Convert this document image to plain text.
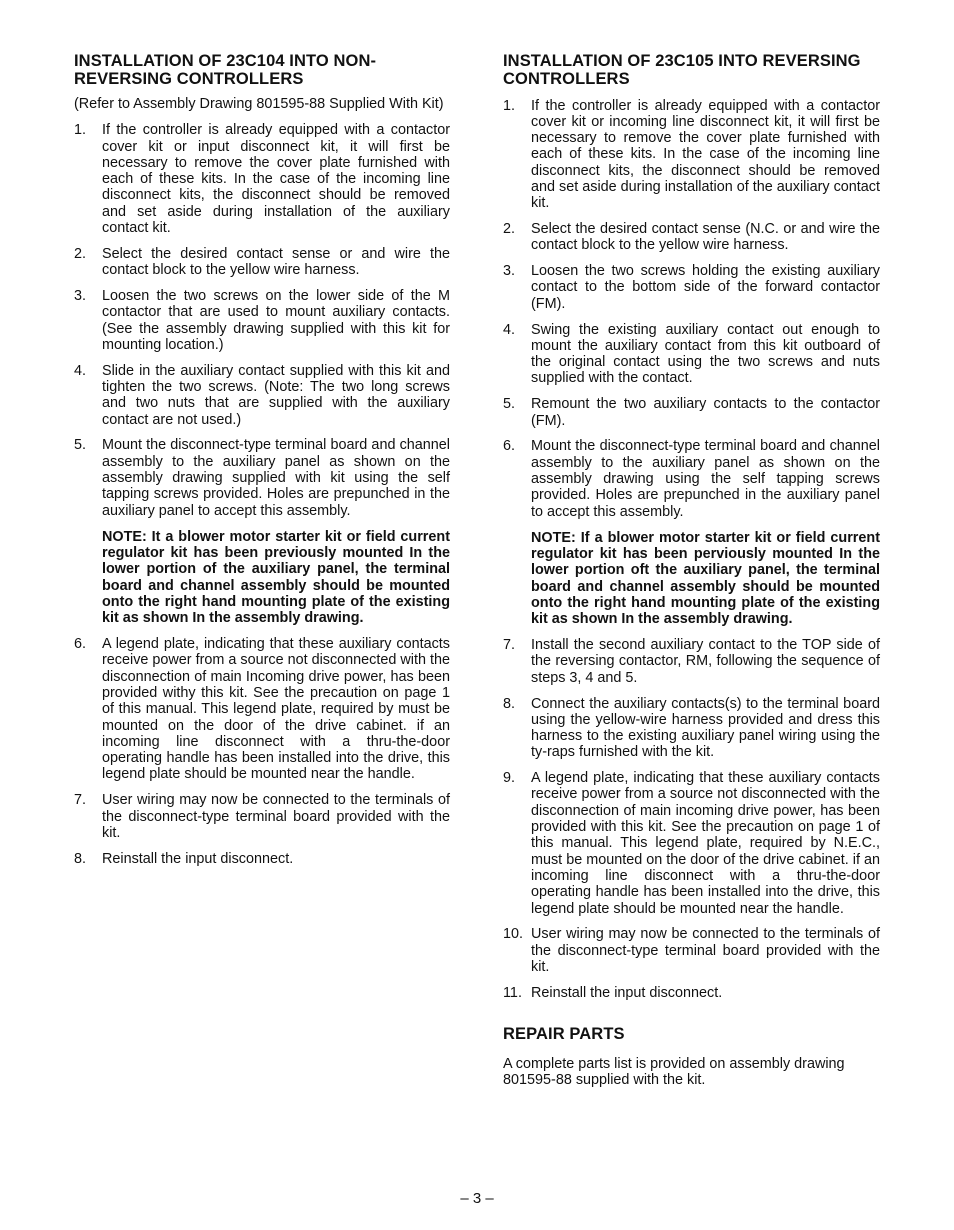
INSTALLATION OF 23C104 INTO NON-REVERSING CONTROLLERS

(Refer to Assembly Drawing 801595-88 Supplied With Kit)

1. If the controller is already equipped with a contactor cover kit or input disconnect kit, it will first be necessary to remove the cover plate furnished with each of these kits. In the case of the incoming line disconnect kits, the disconnect should be removed and set aside during installation of the auxiliary contact kit.

2. Select the desired contact sense or and wire the contact block to the yellow wire harness.

3. Loosen the two screws on the lower side of the M contactor that are used to mount auxiliary contacts. (See the assembly drawing supplied with this kit for mounting location.)

4. Slide in the auxiliary contact supplied with this kit and tighten the two screws. (Note: The two long screws and two nuts that are supplied with the auxiliary contact are not used.)

5. Mount the disconnect-type terminal board and channel assembly to the auxiliary panel as shown on the assembly drawing supplied with kit using the self tapping screws provided. Holes are prepunched in the auxiliary panel to accept this assembly.

NOTE: It a blower motor starter kit or field current regulator kit has been previously mounted In the lower portion of the auxiliary panel, the terminal board and channel assembly should be mounted onto the right hand mounting plate of the existing kit as shown In the assembly drawing.

6. A legend plate, indicating that these auxiliary contacts receive power from a source not disconnected with the disconnection of main Incoming drive power, has been provided withy this kit. See the precaution on page 1 of this manual. This legend plate, required by must be mounted on the door of the drive cabinet. if an incoming line disconnect with a thru-the-door operating handle has been installed into the drive, this legend plate should be mounted near the handle.

7. User wiring may now be connected to the terminals of the disconnect-type terminal board provided with the kit.

8. Reinstall the input disconnect.

INSTALLATION OF 23C105 INTO REVERSING CONTROLLERS
1. If the controller is already equipped with a contactor cover kit or incoming line disconnect kit, it will first be necessary to remove the cover plate furnished with each of these kits. In the case of the incoming line disconnect kits, the disconnect should be removed and set aside during installation of the auxiliary contact kit.

2. Select the desired contact sense (N.C. or and wire the contact block to the yellow wire harness.

3. Loosen the two screws holding the existing auxiliary contact to the bottom side of the forward contactor (FM).

4. Swing the existing auxiliary contact out enough to mount the auxiliary contact from this kit outboard of the original contact using the two screws and nuts supplied with the contact.

5. Remount the two auxiliary contacts to the contactor (FM).

6. Mount the disconnect-type terminal board and channel assembly to the auxiliary panel as shown on the assembly drawing using the self tapping screws provided. Holes are prepunched in the auxiliary panel to accept this assembly.

NOTE: If a blower motor starter kit or field current regulator kit has been perviously mounted In the lower portion oft the auxiliary panel, the terminal board and channel assembly should be mounted onto the right hand mounting plate of the existing kit as shown In the assembly drawing.

7. Install the second auxiliary contact to the TOP side of the reversing contactor, RM, following the sequence of steps 3, 4 and 5.

8. Connect the auxiliary contacts(s) to the terminal board using the yellow-wire harness provided and dress this harness to the existing auxiliary panel wiring using the ty-raps furnished with the kit.

9. A legend plate, indicating that these auxiliary contacts receive power from a source not disconnected with the disconnection of main incoming drive power, has been provided with this kit. See the precaution on page 1 of this manual. This legend plate, required by N.E.C., must be mounted on the door of the drive cabinet. if an incoming line disconnect with a thru-the-door operating handle has been installed into the drive, this legend plate should be mounted near the handle.

10. User wiring may now be connected to the terminals of the disconnect-type terminal board provided with the kit.

11. Reinstall the input disconnect.

REPAIR PARTS

A complete parts list is provided on assembly drawing 801595-88 supplied with the kit.

– 3 –
